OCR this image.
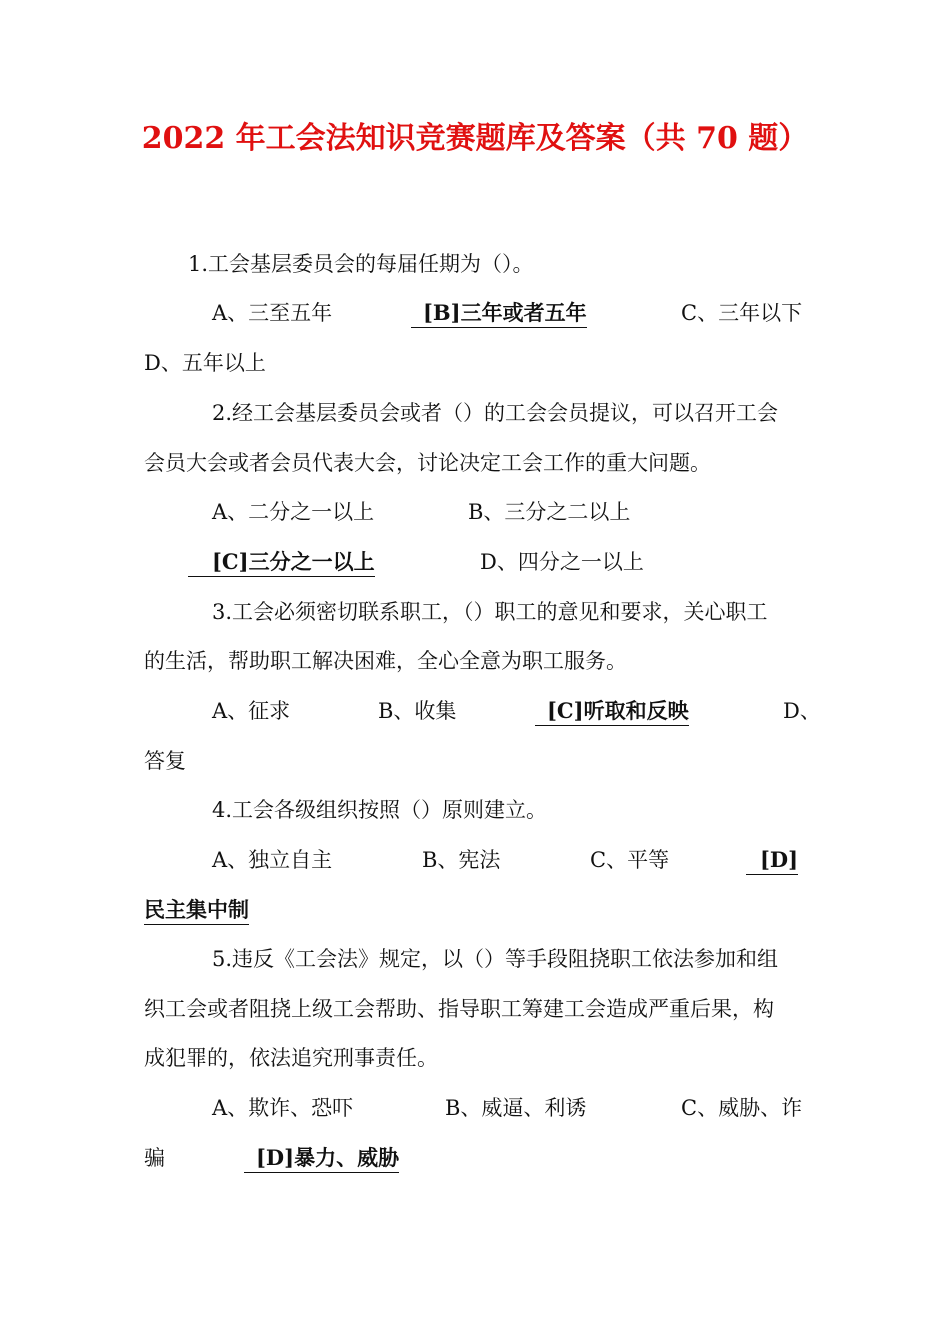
2022 年工会法知识竞赛题库及答案（共 70 题）
1.工会基层委员会的每届任期为（）。
A、三至五年	[B]三年或者五年	C、三年以下
D、五年以上
2.经工会基层委员会或者（）的工会会员提议，可以召开工会
会员大会或者会员代表大会，讨论决定工会工作的重大问题。
A、二分之一以上	B、三分之二以上
[C]三分之一以上	D、四分之一以上
3.工会必须密切联系职工，（）职工的意见和要求，关心职工
的生活，帮助职工解决困难，全心全意为职工服务。
A、征求	B、收集	[C]听取和反映	D、
答复
4.工会各级组织按照（）原则建立。
A、独立自主	B、宪法	C、平等	[D]
民主集中制
5.违反《工会法》规定，以（）等手段阻挠职工依法参加和组
织工会或者阻挠上级工会帮助、指导职工筹建工会造成严重后果，构
成犯罪的，依法追究刑事责任。
A、欺诈、恐吓	B、威逼、利诱	C、威胁、诈
骗	[D]暴力、威胁
